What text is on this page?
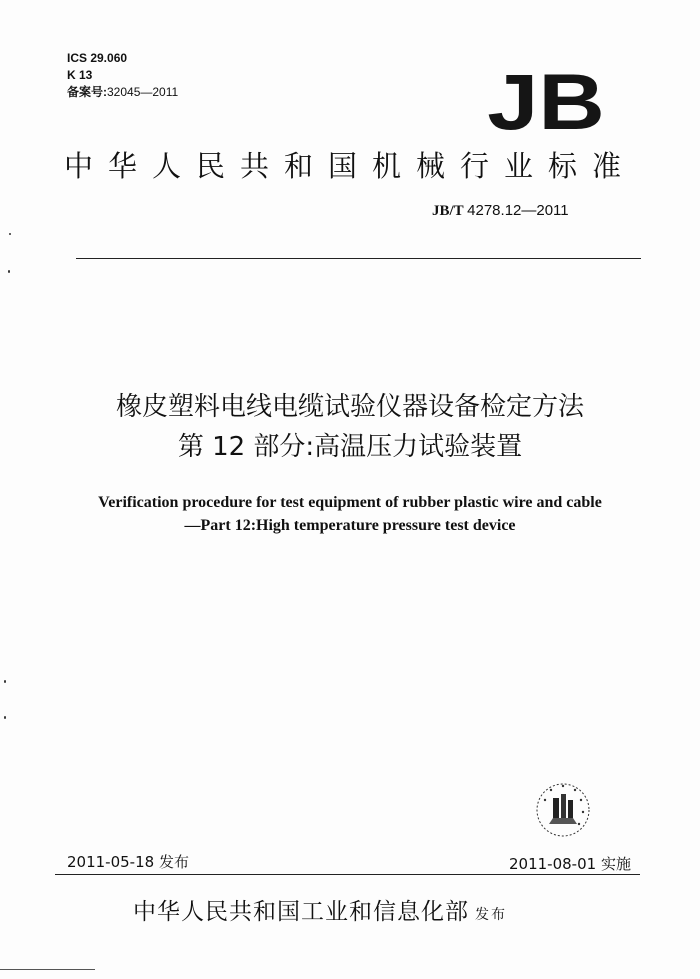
ICS 29.060
K 13
备案号:32045—2011	JB
中华人民共和国机械行业标准
JB/T 4278.12—2011
橡皮塑料电线电缆试验仪器设备检定方法
第 12 部分:高温压力试验装置
Verification procedure for test equipment of rubber plastic wire and cable
—Part 12:High temperature pressure test device
2011-05-18 发布	2011-08-01 实施
中华人民共和国工业和信息化部 发布
